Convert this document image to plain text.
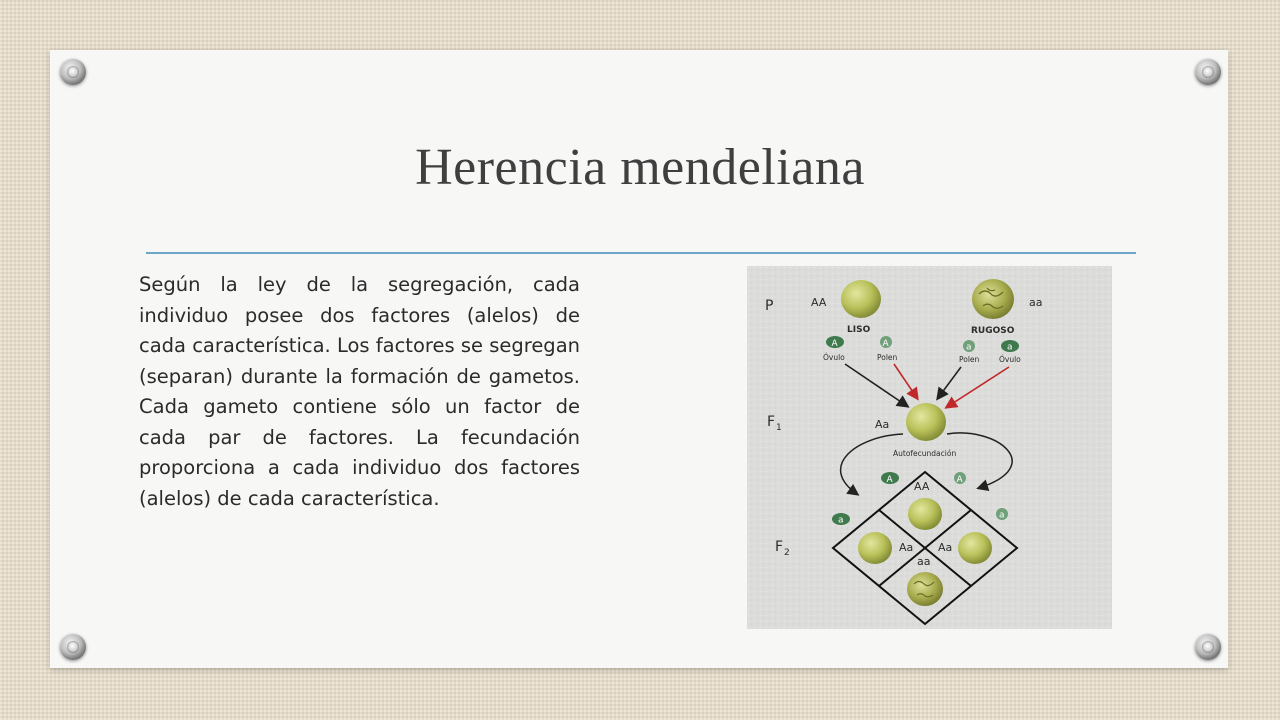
Herencia mendeliana
Según la ley de la segregación, cada individuo posee dos factores (alelos) de cada característica. Los factores se segregan (separan) durante la formación de gametos. Cada gameto contiene sólo un factor de cada par de factores. La fecundación proporciona a cada individuo dos factores (alelos) de cada característica.
P
F 1
F 2
AA
LISO
aa
RUGOSO
A
Óvulo
A
Polen
a
Polen
a
Óvulo
Aa
Autofecundación
A	A
a	a
AA
Aa Aa
aa
